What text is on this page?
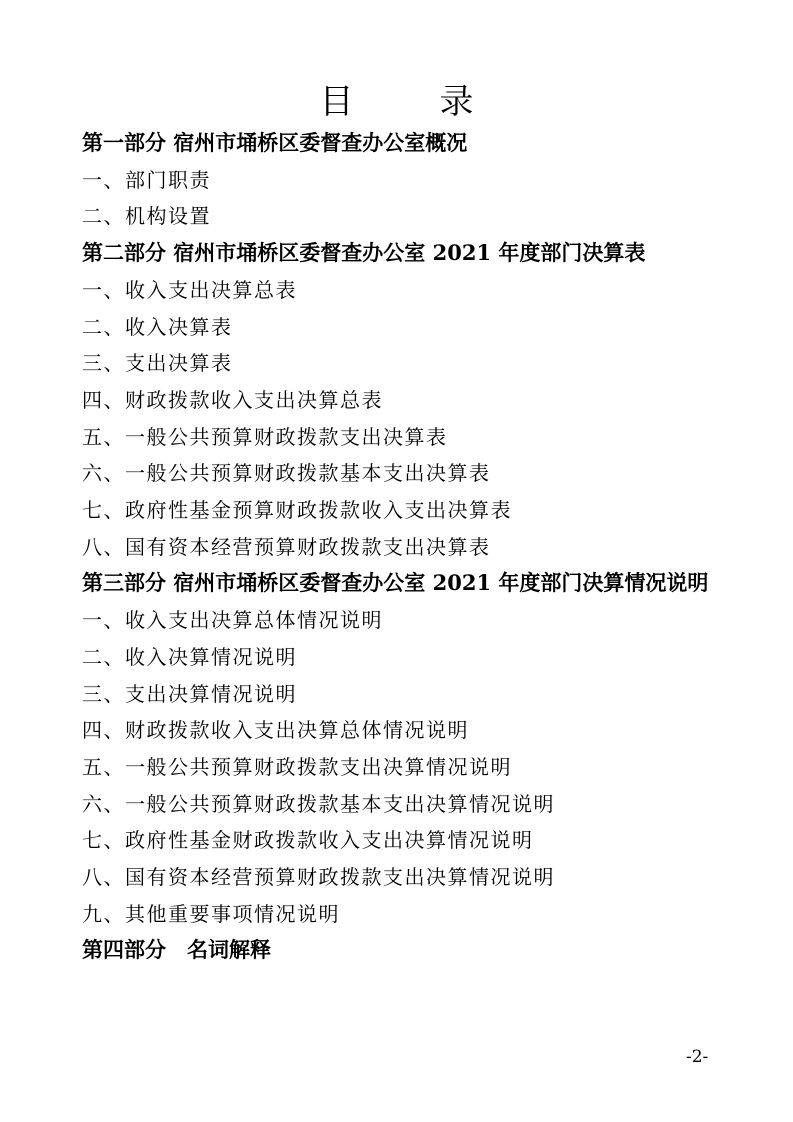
目　录
第一部分 宿州市埇桥区委督查办公室概况
一、部门职责
二、机构设置
第二部分 宿州市埇桥区委督查办公室 2021 年度部门决算表
一、收入支出决算总表
二、收入决算表
三、支出决算表
四、财政拨款收入支出决算总表
五、一般公共预算财政拨款支出决算表
六、一般公共预算财政拨款基本支出决算表
七、政府性基金预算财政拨款收入支出决算表
八、国有资本经营预算财政拨款支出决算表
第三部分 宿州市埇桥区委督查办公室 2021 年度部门决算情况说明
一、收入支出决算总体情况说明
二、收入决算情况说明
三、支出决算情况说明
四、财政拨款收入支出决算总体情况说明
五、一般公共预算财政拨款支出决算情况说明
六、一般公共预算财政拨款基本支出决算情况说明
七、政府性基金财政拨款收入支出决算情况说明
八、国有资本经营预算财政拨款支出决算情况说明
九、其他重要事项情况说明
第四部分　名词解释
-2-
